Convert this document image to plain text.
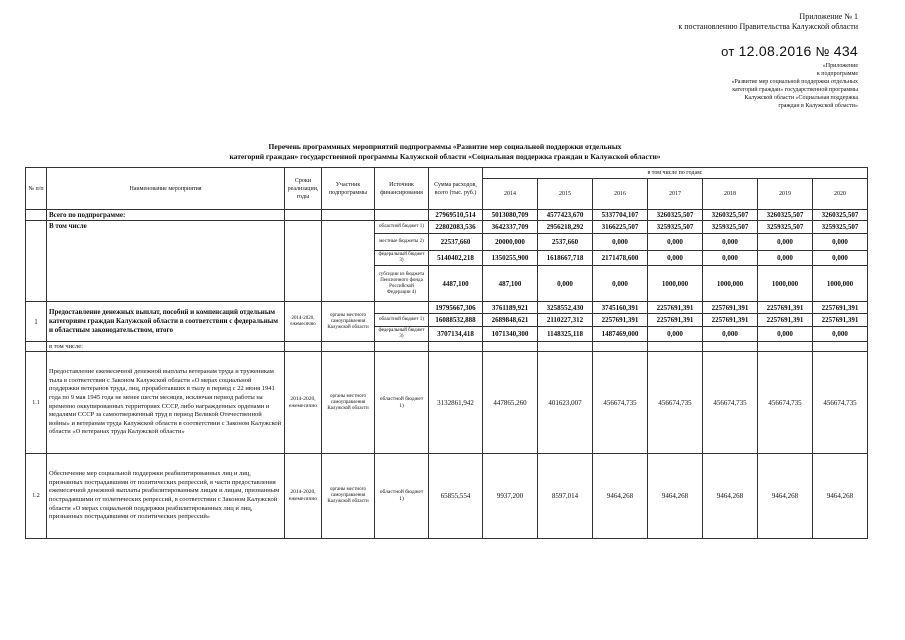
Приложение № 1
к постановлению Правительства Калужской области
от 12.08.2016 № 434
«Приложение
к подпрограмме
«Развитие мер социальной поддержки отдельных
категорий граждан» государственной программы
Калужской области «Социальная поддержка
граждан в Калужской области»
Перечень программных мероприятий подпрограммы «Развитие мер социальной поддержки отдельных
категорий граждан» государственной программы Калужской области «Социальная поддержка граждан в Калужской области»
№ п/п	Наименование мероприятия	Сроки реализации, годы	Участник подпрограммы	Источник финансирования	Сумма расходов, всего (тыс. руб.)	в том числе по годам:						
						2014	2015	2016	2017	2018	2019	2020
	Всего по подпрограмме:				27969510,514	5013080,709	4577423,670	5337704,107	3260325,507	3260325,507	3260325,507	3260325,507
	В том числе			областной бюджет 1)	22802083,536	3642337,709	2956218,292	3166225,507	3259325,507	3259325,507	3259325,507	3259325,507
				местные бюджеты 2)	22537,660	20000,000	2537,660	0,000	0,000	0,000	0,000	0,000
				федеральный бюджет 3)	5140402,218	1350255,900	1618667,718	2171478,600	0,000	0,000	0,000	0,000
				субсидии из бюджета Пенсионного фонда Российской Федерации 4)	4487,100	487,100	0,000	0,000	1000,000	1000,000	1000,000	1000,000
1	Предоставление денежных выплат, пособий и компенсаций отдельным категориям граждан Калужской области в соответствии с федеральным и областным законодательством, итого	2014-2020, ежемесячно	органы местного самоуправления Калужской области		19795667,306	3761189,921	3258552,430	3745160,391	2257691,391	2257691,391	2257691,391	2257691,391
				областной бюджет 1)	16088532,888	2689848,621	2110227,312	2257691,391	2257691,391	2257691,391	2257691,391	2257691,391
				федеральный бюджет 3)	3707134,418	1071340,300	1148325,118	1487469,000	0,000	0,000	0,000	0,000
	в том числе:											
1.1	Предоставление ежемесячной денежной выплаты ветеранам труда и труженикам тыла в соответствии с Законом Калужской области «О мерах социальной поддержки ветеранов труда, лиц, проработавших в тылу в период с 22 июня 1941 года по 9 мая 1945 года не менее шести месяцев, исключая период работы на временно оккупированных территориях СССР, либо награжденных орденами и медалями СССР за самоотверженный труд в период Великой Отечественной войны» и ветеранам труда Калужской области в соответствии с Законом Калужской области «О ветеранах труда Калужской области»	2014-2020, ежемесячно	органы местного самоуправления Калужской области	областной бюджет 1)	3132861,942	447865,260	401623,007	456674,735	456674,735	456674,735	456674,735	456674,735
1.2	Обеспечение мер социальной поддержки реабилитированных лиц и лиц, признанных пострадавшими от политических репрессий, в части предоставления ежемесячной денежной выплаты реабилитированным лицам и лицам, признанным пострадавшими от политических репрессий, в соответствии с Законом Калужской области «О мерах социальной поддержки реабилитированных лиц и лиц, признанных пострадавшими от политических репрессий»	2014-2020, ежемесячно	органы местного самоуправления Калужской области	областной бюджет 1)	65855,554	9937,200	8597,014	9464,268	9464,268	9464,268	9464,268	9464,268
